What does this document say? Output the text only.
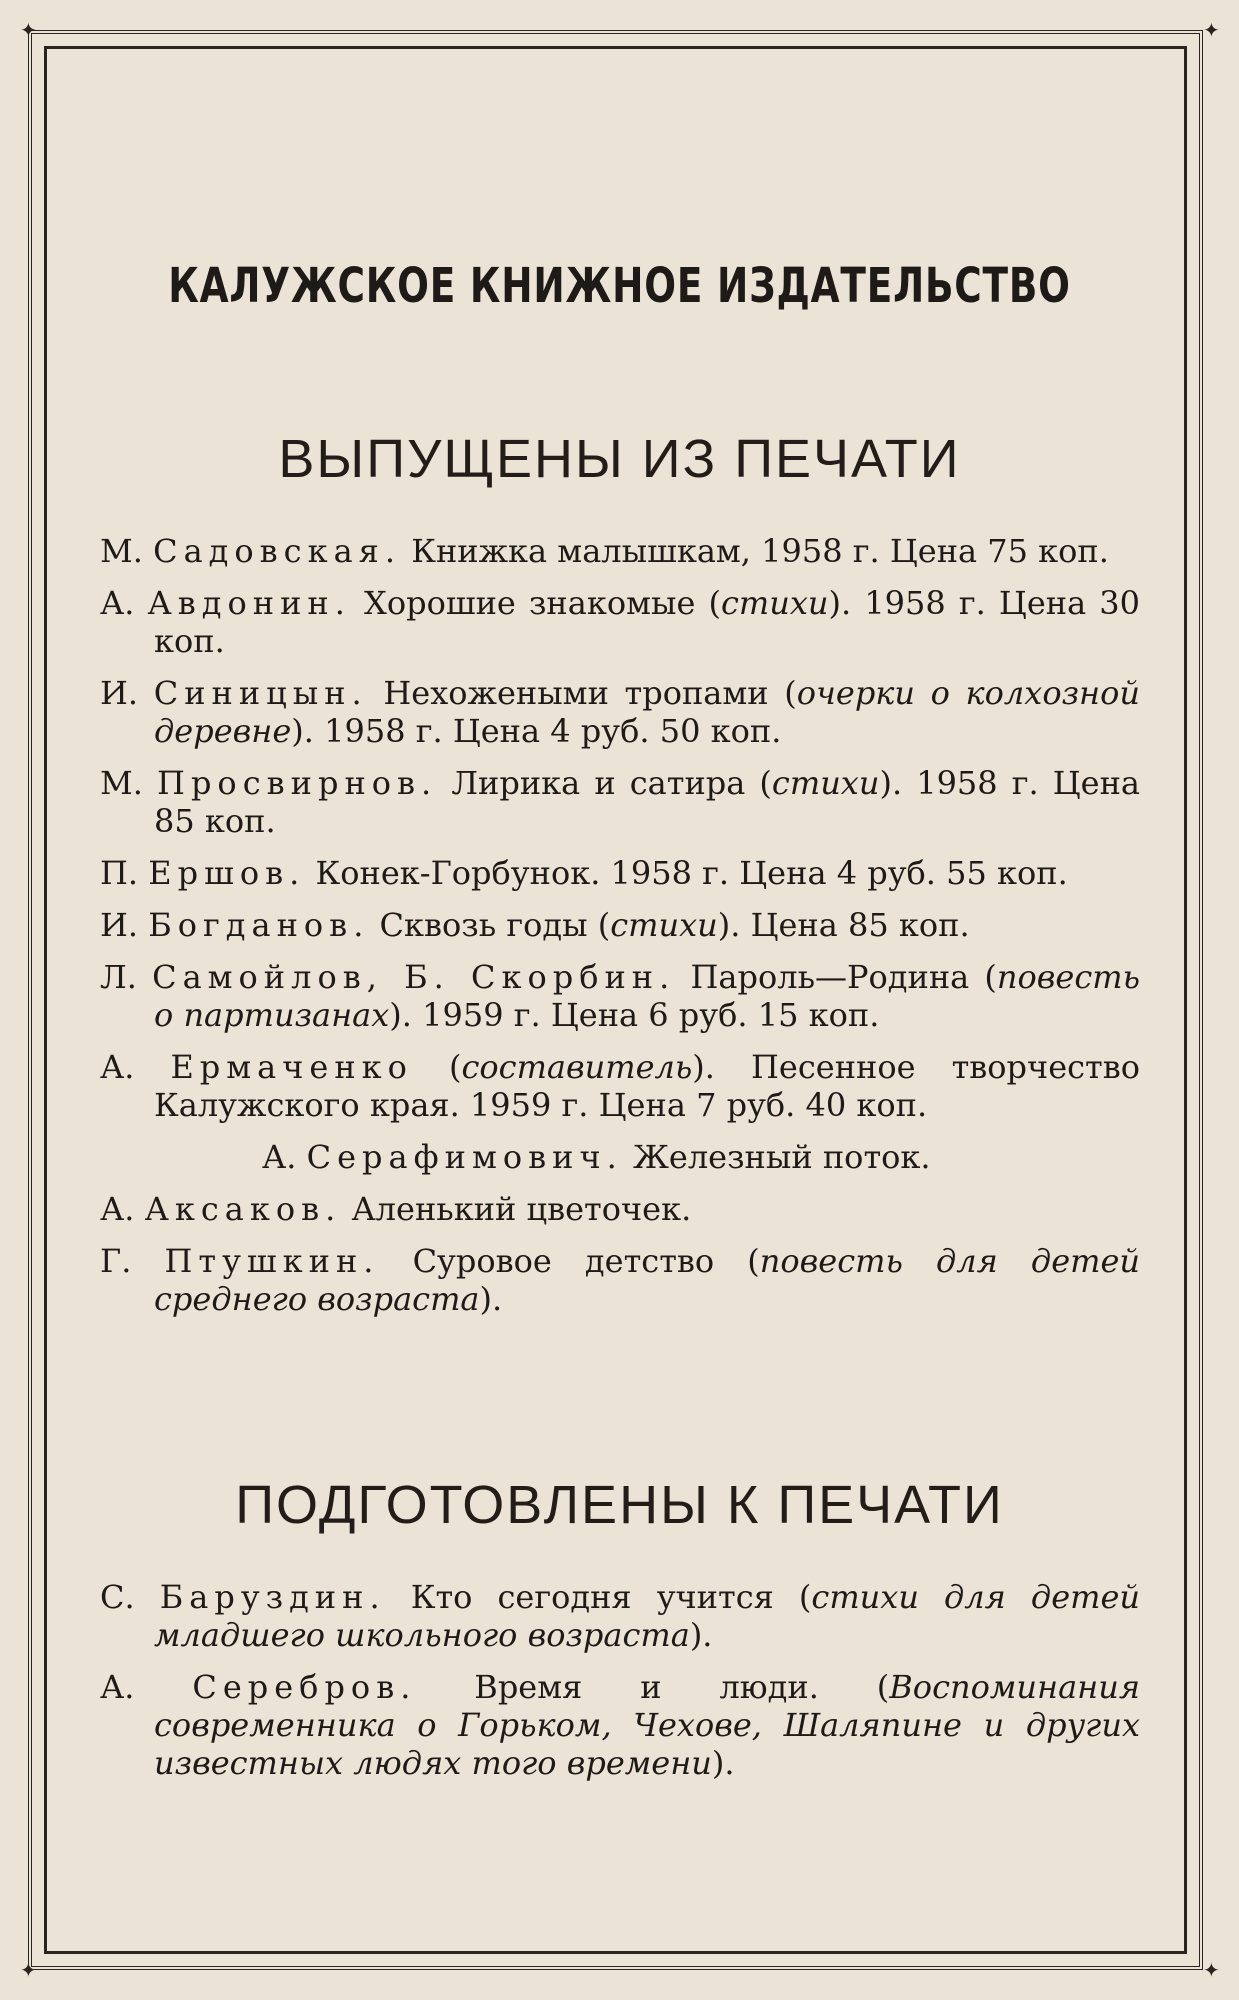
✦	✦
✦	✦
КАЛУЖСКОЕ КНИЖНОЕ ИЗДАТЕЛЬСТВО
ВЫПУЩЕНЫ ИЗ ПЕЧАТИ
М. Садовская. Книжка малышкам, 1958 г. Цена 75 коп.
А. Авдонин. Хорошие знакомые (стихи). 1958 г. Цена 30 коп.
И. Синицын. Нехожеными тропами (очерки о колхозной деревне). 1958 г. Цена 4 руб. 50 коп.
М. Просвирнов. Лирика и сатира (стихи). 1958 г. Цена 85 коп.
П. Ершов. Конек-Горбунок. 1958 г. Цена 4 руб. 55 коп.
И. Богданов. Сквозь годы (стихи). Цена 85 коп.
Л. Самойлов, Б. Скорбин. Пароль—Родина (повесть о партизанах). 1959 г. Цена 6 руб. 15 коп.
А. Ермаченко (составитель). Песенное творчество Калужского края. 1959 г. Цена 7 руб. 40 коп.
А. Серафимович. Железный поток.
А. Аксаков. Аленький цветочек.
Г. Птушкин. Суровое детство (повесть для детей среднего возраста).
ПОДГОТОВЛЕНЫ К ПЕЧАТИ
С. Баруздин. Кто сегодня учится (стихи для детей младшего школьного возраста).
А. Серебров. Время и люди. (Воспоминания современника о Горьком, Чехове, Шаляпине и других известных людях того времени).
